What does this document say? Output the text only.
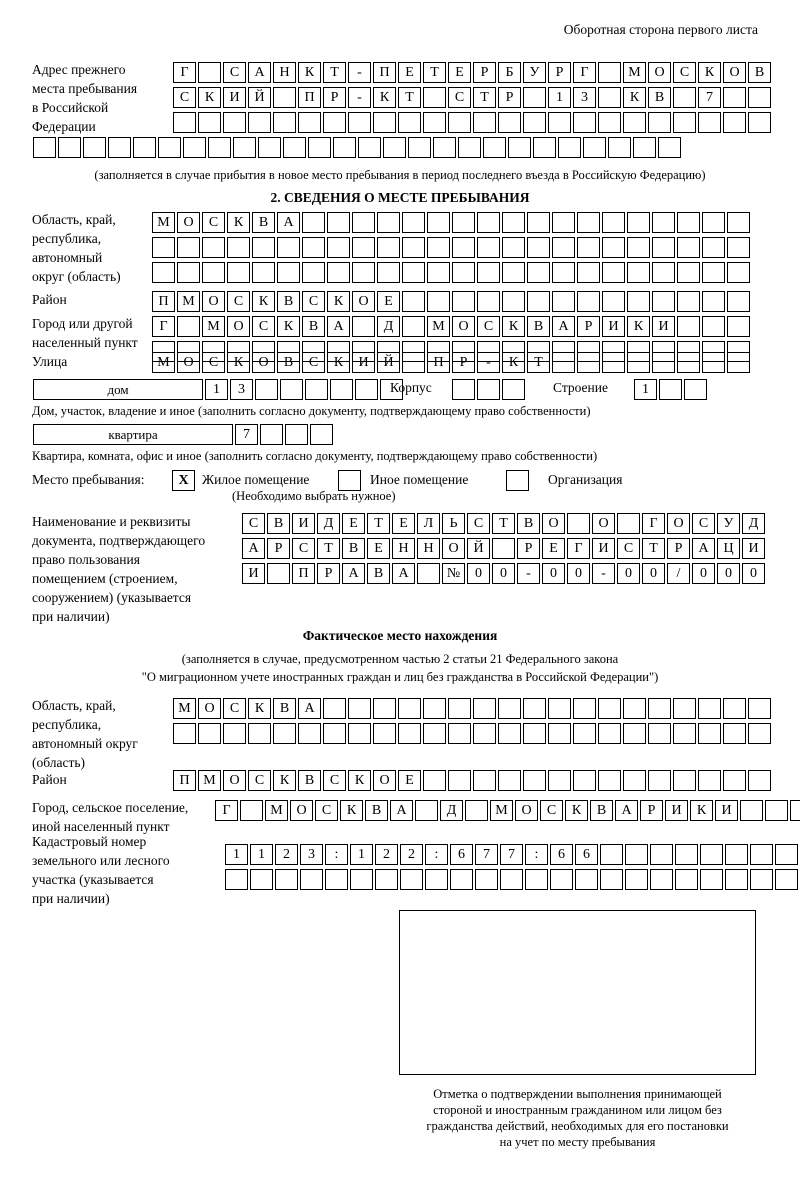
Оборотная сторона первого листа
Адрес прежнего
места пребывания
в Российской
Федерации
Г	С	А	Н	К	Т	-	П	Е	Т	Е	Р	Б	У	Р	Г	М О	С	К	О	В
С	К	И	Й	П	Р	-	К	Т	С	Т	Р	1	3	К	В	7
(заполняется в случае прибытия в новое место пребывания в период последнего въезда в Российскую Федерацию)
2. СВЕДЕНИЯ О МЕСТЕ ПРЕБЫВАНИЯ
Область, край,
республика,
автономный
округ (область)
М О	С	К	В	А
Район	П М О	С	К	В	С	К	О	Е
Город или другой
населенный пункт
Г	М О	С	К	В	А	Д	М О	С	К	В	А	Р	И	К	И
Улица	М О	С	К	О	В	С	К	И	Й	П	Р	-	К	Т
дом	1	3	Корпус	Строение	1
Дом, участок, владение и иное (заполнить согласно документу, подтверждающему право собственности)
квартира	7
Квартира, комната, офис и иное (заполнить согласно документу, подтверждающему право собственности)
Место пребывания:	X Жилое помещение	Иное помещение	Организация
(Необходимо выбрать нужное)
Наименование и реквизиты
документа, подтверждающего
право пользования
помещением (строением,
сооружением) (указывается
при наличии)
С	В	И	Д	Е	Т	Е	Л	Ь	С	Т	В	О	О	Г	О	С	У	Д
А	Р	С	Т	В	Е	Н	Н	О	Й	Р	Е	Г	И	С	Т	Р	А	Ц	И
И	П	Р	А	В	А	№	0	0	-	0	0	-	0	0	/	0	0	0
Фактическое место нахождения
(заполняется в случае, предусмотренном частью 2 статьи 21 Федерального закона
"О миграционном учете иностранных граждан и лиц без гражданства в Российской Федерации")
Область, край,
республика,
автономный округ
(область)
М О	С	К	В	А
Район	П М О	С	К	В	С	К	О	Е
Город, сельское поселение,
иной населенный пункт
Г	М О	С	К	В	А	Д	М О	С	К	В	А	Р	И	К	И
Кадастровый номер
земельного или лесного
участка (указывается
при наличии)
1	1	2	3	:	1	2	2	:	6	7	7	:	6	6
Отметка о подтверждении выполнения принимающей
стороной и иностранным гражданином или лицом без
гражданства действий, необходимых для его постановки
на учет по месту пребывания
